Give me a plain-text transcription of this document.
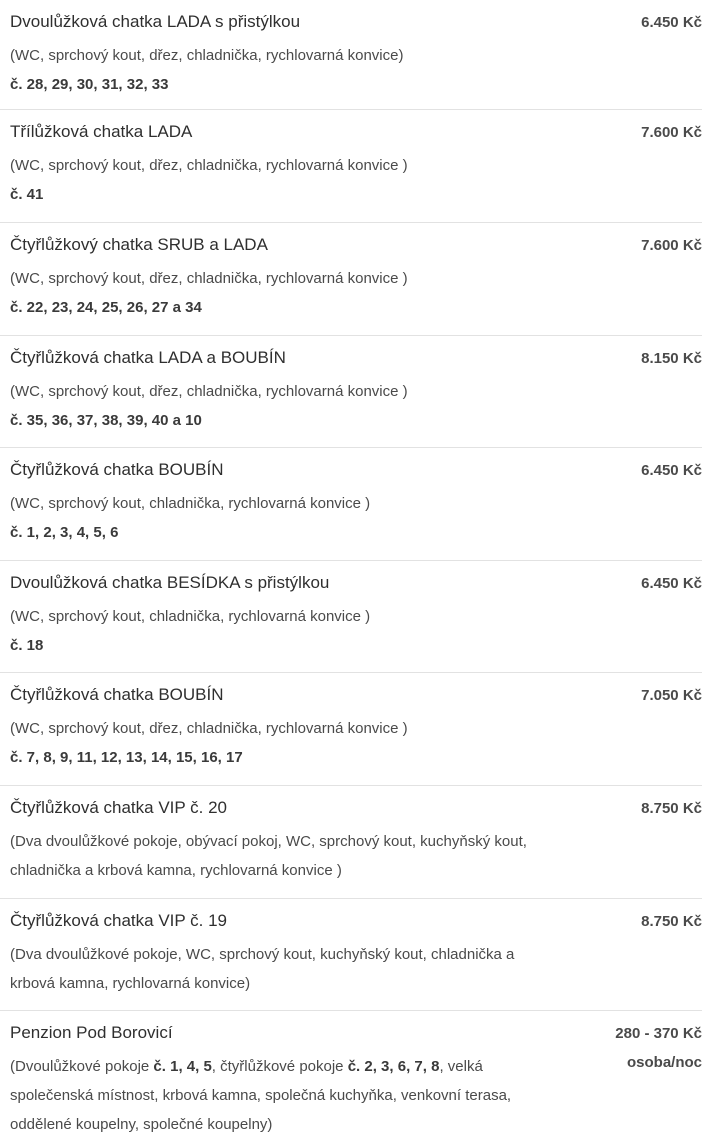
Dvoulůžková chatka LADA s přistýlkou
(WC, sprchový kout, dřez, chladnička, rychlovarná konvice)
č. 28, 29, 30, 31, 32, 33
6.450 Kč
Třílůžková chatka LADA
(WC, sprchový kout, dřez, chladnička, rychlovarná konvice )
č. 41
7.600 Kč
Čtyřlůžkový chatka SRUB a LADA
(WC, sprchový kout, dřez, chladnička, rychlovarná konvice )
č. 22, 23, 24, 25, 26, 27 a 34
7.600 Kč
Čtyřlůžková chatka LADA a BOUBÍN
(WC, sprchový kout, dřez, chladnička, rychlovarná konvice )
č. 35, 36, 37, 38, 39, 40 a 10
8.150 Kč
Čtyřlůžková chatka BOUBÍN
(WC, sprchový kout, chladnička, rychlovarná konvice )
č. 1, 2, 3, 4, 5, 6
6.450 Kč
Dvoulůžková chatka BESÍDKA s přistýlkou
(WC, sprchový kout, chladnička, rychlovarná konvice )
č. 18
6.450 Kč
Čtyřlůžková chatka BOUBÍN
(WC, sprchový kout, dřez, chladnička, rychlovarná konvice )
č. 7, 8, 9, 11, 12, 13, 14, 15, 16, 17
7.050 Kč
Čtyřlůžková chatka VIP č. 20
(Dva dvoulůžkové pokoje, obývací pokoj, WC, sprchový kout, kuchyňský kout, chladnička a krbová kamna, rychlovarná konvice )
8.750 Kč
Čtyřlůžková chatka VIP č. 19
(Dva dvoulůžkové pokoje, WC, sprchový kout, kuchyňský kout, chladnička a krbová kamna, rychlovarná konvice)
8.750 Kč
Penzion Pod Borovicí
(Dvoulůžkové pokoje č. 1, 4, 5, čtyřlůžkové pokoje č. 2, 3, 6, 7, 8, velká společenská místnost, krbová kamna, společná kuchyňka, venkovní terasa, oddělené koupelny, společné koupelny)
280 - 370 Kč
osoba/noc
